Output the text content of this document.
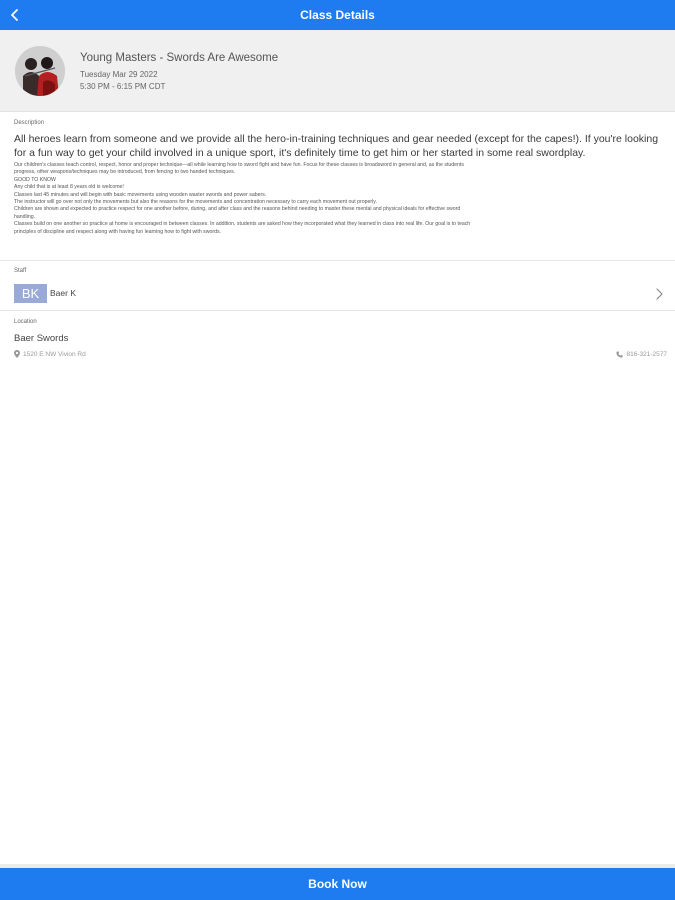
Class Details
Young Masters - Swords Are Awesome
Tuesday Mar 29 2022
5:30 PM - 6:15 PM CDT
Description
All heroes learn from someone and we provide all the hero-in-training techniques and gear needed (except for the capes!). If you're looking for a fun way to get your child involved in a unique sport, it's definitely time to get him or her started in some real swordplay.
Our children's classes teach control, respect, honor and proper technique—all while learning how to sword fight and have fun. Focus for these classes is broadsword in general and, as the students
progress, other weapons/techniques may be introduced, from fencing to two handed techniques.
GOOD TO KNOW
Any child that is at least 8 years old is welcome!
Classes last 45 minutes and will begin with basic movements using wooden waster swords and power sabers.
The instructor will go over not only the movements but also the reasons for the movements and concentration necessary to carry each movement out properly.
Children are shown and expected to practice respect for one another before, during, and after class and the reasons behind needing to master these mental and physical ideals for effective sword
handling.
Classes build on one another so practice at home is encouraged in between classes. In addition, students are asked how they incorporated what they learned in class into real life. Our goal is to teach
principles of discipline and respect along with having fun learning how to fight with swords.
Staff
BK	Baer K
Location
Baer Swords
1520 E NW Vivion Rd	816-321-2577
Book Now
